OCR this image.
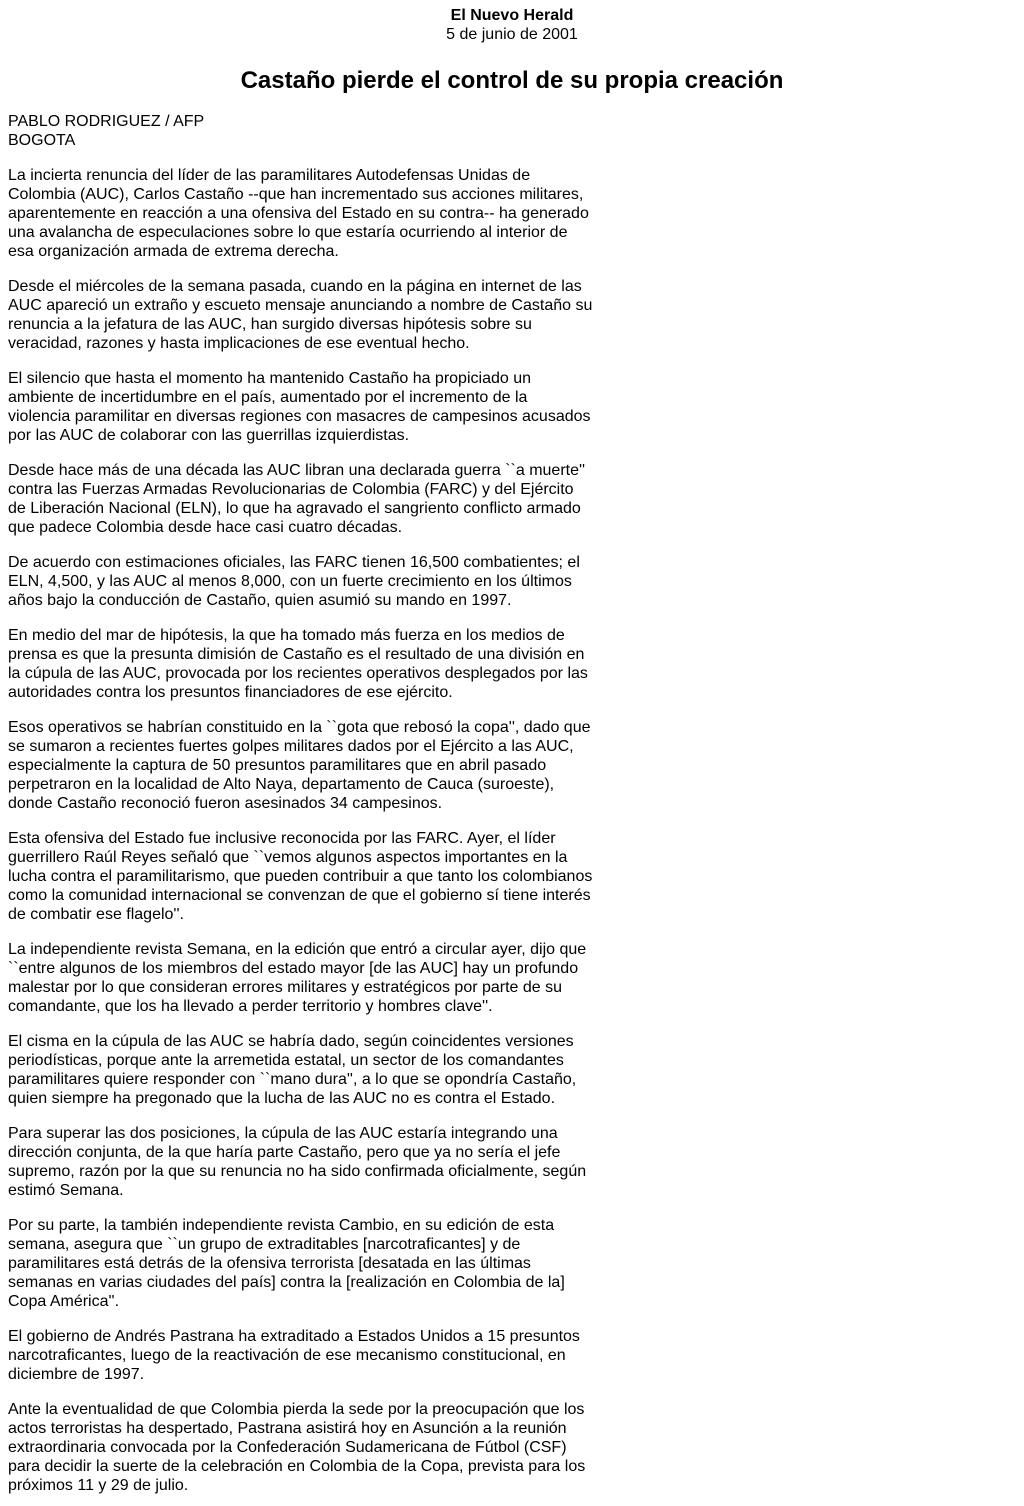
El Nuevo Herald
5 de junio de 2001
Castaño pierde el control de su propia creación
PABLO RODRIGUEZ / AFP
BOGOTA

La incierta renuncia del líder de las paramilitares Autodefensas Unidas de Colombia (AUC), Carlos Castaño --que han incrementado sus acciones militares, aparentemente en reacción a una ofensiva del Estado en su contra-- ha generado una avalancha de especulaciones sobre lo que estaría ocurriendo al interior de esa organización armada de extrema derecha.

Desde el miércoles de la semana pasada, cuando en la página en internet de las AUC apareció un extraño y escueto mensaje anunciando a nombre de Castaño su renuncia a la jefatura de las AUC, han surgido diversas hipótesis sobre su veracidad, razones y hasta implicaciones de ese eventual hecho.

El silencio que hasta el momento ha mantenido Castaño ha propiciado un ambiente de incertidumbre en el país, aumentado por el incremento de la violencia paramilitar en diversas regiones con masacres de campesinos acusados por las AUC de colaborar con las guerrillas izquierdistas.

Desde hace más de una década las AUC libran una declarada guerra ``a muerte'' contra las Fuerzas Armadas Revolucionarias de Colombia (FARC) y del Ejército de Liberación Nacional (ELN), lo que ha agravado el sangriento conflicto armado que padece Colombia desde hace casi cuatro décadas.

De acuerdo con estimaciones oficiales, las FARC tienen 16,500 combatientes; el ELN, 4,500, y las AUC al menos 8,000, con un fuerte crecimiento en los últimos años bajo la conducción de Castaño, quien asumió su mando en 1997.

En medio del mar de hipótesis, la que ha tomado más fuerza en los medios de prensa es que la presunta dimisión de Castaño es el resultado de una división en la cúpula de las AUC, provocada por los recientes operativos desplegados por las autoridades contra los presuntos financiadores de ese ejército.

Esos operativos se habrían constituido en la ``gota que rebosó la copa'', dado que se sumaron a recientes fuertes golpes militares dados por el Ejército a las AUC, especialmente la captura de 50 presuntos paramilitares que en abril pasado perpetraron en la localidad de Alto Naya, departamento de Cauca (suroeste), donde Castaño reconoció fueron asesinados 34 campesinos.

Esta ofensiva del Estado fue inclusive reconocida por las FARC. Ayer, el líder guerrillero Raúl Reyes señaló que ``vemos algunos aspectos importantes en la lucha contra el paramilitarismo, que pueden contribuir a que tanto los colombianos como la comunidad internacional se convenzan de que el gobierno sí tiene interés de combatir ese flagelo''.

La independiente revista Semana, en la edición que entró a circular ayer, dijo que ``entre algunos de los miembros del estado mayor [de las AUC] hay un profundo malestar por lo que consideran errores militares y estratégicos por parte de su comandante, que los ha llevado a perder territorio y hombres clave''.

El cisma en la cúpula de las AUC se habría dado, según coincidentes versiones periodísticas, porque ante la arremetida estatal, un sector de los comandantes paramilitares quiere responder con ``mano dura'', a lo que se opondría Castaño, quien siempre ha pregonado que la lucha de las AUC no es contra el Estado.

Para superar las dos posiciones, la cúpula de las AUC estaría integrando una dirección conjunta, de la que haría parte Castaño, pero que ya no sería el jefe supremo, razón por la que su renuncia no ha sido confirmada oficialmente, según estimó Semana.

Por su parte, la también independiente revista Cambio, en su edición de esta semana, asegura que ``un grupo de extraditables [narcotraficantes] y de paramilitares está detrás de la ofensiva terrorista [desatada en las últimas semanas en varias ciudades del país] contra la [realización en Colombia de la] Copa América''.

El gobierno de Andrés Pastrana ha extraditado a Estados Unidos a 15 presuntos narcotraficantes, luego de la reactivación de ese mecanismo constitucional, en diciembre de 1997.

Ante la eventualidad de que Colombia pierda la sede por la preocupación que los actos terroristas ha despertado, Pastrana asistirá hoy en Asunción a la reunión extraordinaria convocada por la Confederación Sudamericana de Fútbol (CSF) para decidir la suerte de la celebración en Colombia de la Copa, prevista para los próximos 11 y 29 de julio.
